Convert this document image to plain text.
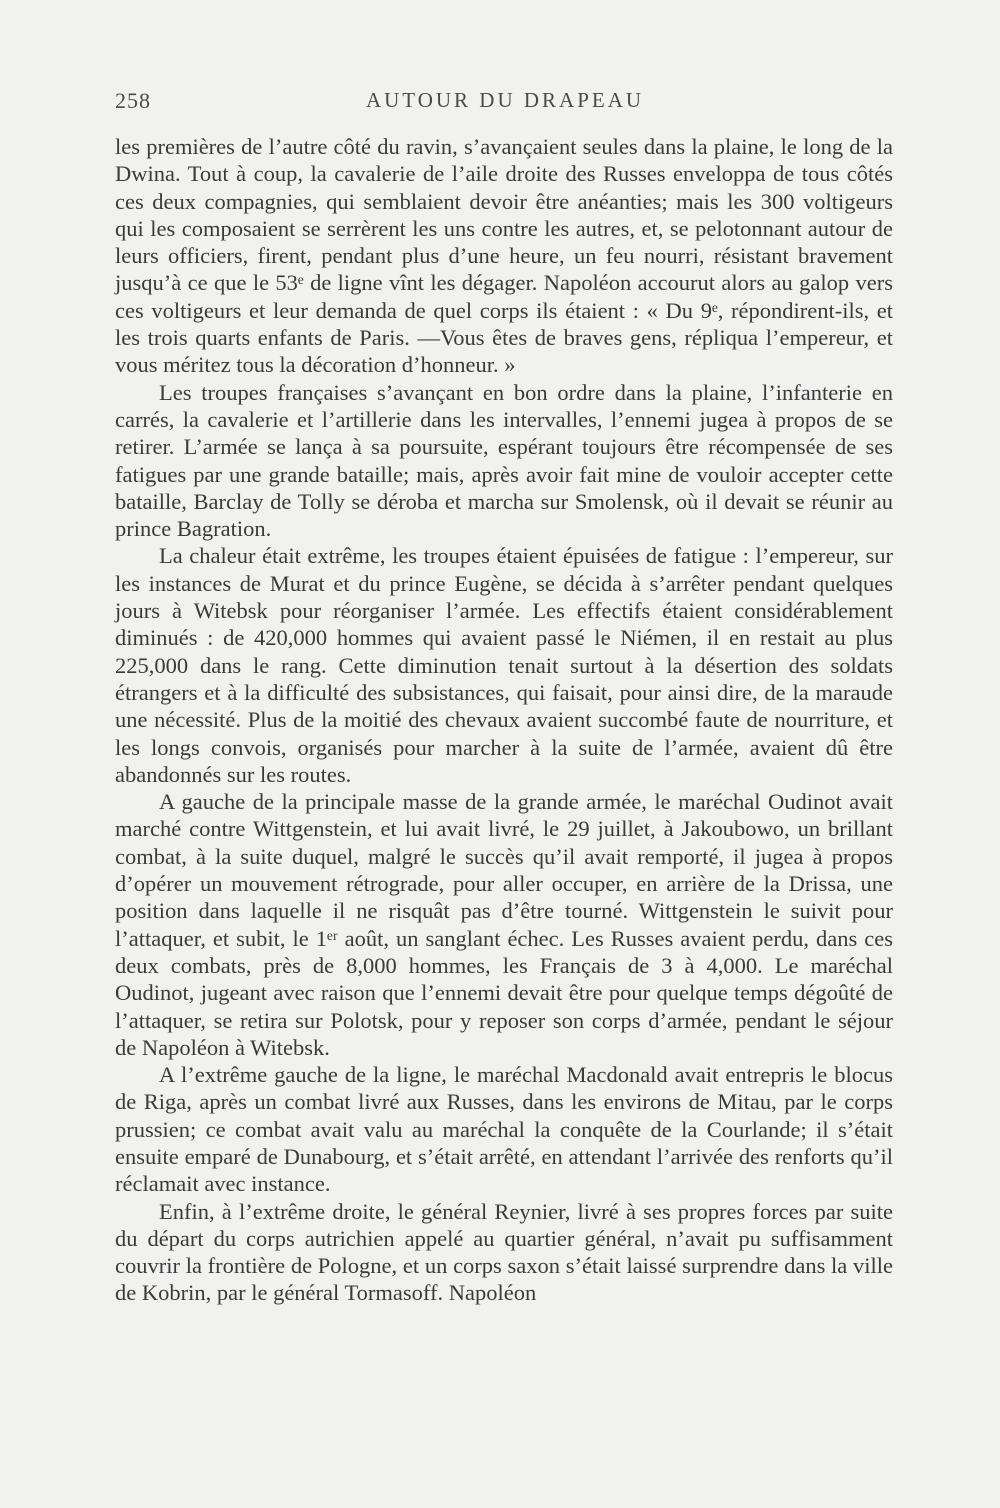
258	AUTOUR DU DRAPEAU

les premières de l’autre côté du ravin, s’avançaient seules dans la plaine, le long de la Dwina. Tout à coup, la cavalerie de l’aile droite des Russes enveloppa de tous côtés ces deux compagnies, qui semblaient devoir être anéanties; mais les 300 voltigeurs qui les composaient se serrèrent les uns contre les autres, et, se pelotonnant autour de leurs officiers, firent, pendant plus d’une heure, un feu nourri, résistant bravement jusqu’à ce que le 53ᵉ de ligne vînt les dégager. Napoléon accourut alors au galop vers ces voltigeurs et leur demanda de quel corps ils étaient : « Du 9ᵉ, répondirent-ils, et les trois quarts enfants de Paris. —Vous êtes de braves gens, répliqua l’empereur, et vous méritez tous la décoration d’honneur. »

Les troupes françaises s’avançant en bon ordre dans la plaine, l’infanterie en carrés, la cavalerie et l’artillerie dans les intervalles, l’ennemi jugea à propos de se retirer. L’armée se lança à sa poursuite, espérant toujours être récompensée de ses fatigues par une grande bataille; mais, après avoir fait mine de vouloir accepter cette bataille, Barclay de Tolly se déroba et marcha sur Smolensk, où il devait se réunir au prince Bagration.

La chaleur était extrême, les troupes étaient épuisées de fatigue : l’empereur, sur les instances de Murat et du prince Eugène, se décida à s’arrêter pendant quelques jours à Witebsk pour réorganiser l’armée. Les effectifs étaient considérablement diminués : de 420,000 hommes qui avaient passé le Niémen, il en restait au plus 225,000 dans le rang. Cette diminution tenait surtout à la désertion des soldats étrangers et à la difficulté des subsistances, qui faisait, pour ainsi dire, de la maraude une nécessité. Plus de la moitié des chevaux avaient succombé faute de nourriture, et les longs convois, organisés pour marcher à la suite de l’armée, avaient dû être abandonnés sur les routes.

A gauche de la principale masse de la grande armée, le maréchal Oudinot avait marché contre Wittgenstein, et lui avait livré, le 29 juillet, à Jakoubowo, un brillant combat, à la suite duquel, malgré le succès qu’il avait remporté, il jugea à propos d’opérer un mouvement rétrograde, pour aller occuper, en arrière de la Drissa, une position dans laquelle il ne risquât pas d’être tourné. Wittgenstein le suivit pour l’attaquer, et subit, le 1ᵉʳ août, un sanglant échec. Les Russes avaient perdu, dans ces deux combats, près de 8,000 hommes, les Français de 3 à 4,000. Le maréchal Oudinot, jugeant avec raison que l’ennemi devait être pour quelque temps dégoûté de l’attaquer, se retira sur Polotsk, pour y reposer son corps d’armée, pendant le séjour de Napoléon à Witebsk.

A l’extrême gauche de la ligne, le maréchal Macdonald avait entrepris le blocus de Riga, après un combat livré aux Russes, dans les environs de Mitau, par le corps prussien; ce combat avait valu au maréchal la conquête de la Courlande; il s’était ensuite emparé de Dunabourg, et s’était arrêté, en attendant l’arrivée des renforts qu’il réclamait avec instance.

Enfin, à l’extrême droite, le général Reynier, livré à ses propres forces par suite du départ du corps autrichien appelé au quartier général, n’avait pu suffisamment couvrir la frontière de Pologne, et un corps saxon s’était laissé surprendre dans la ville de Kobrin, par le général Tormasoff. Napoléon
